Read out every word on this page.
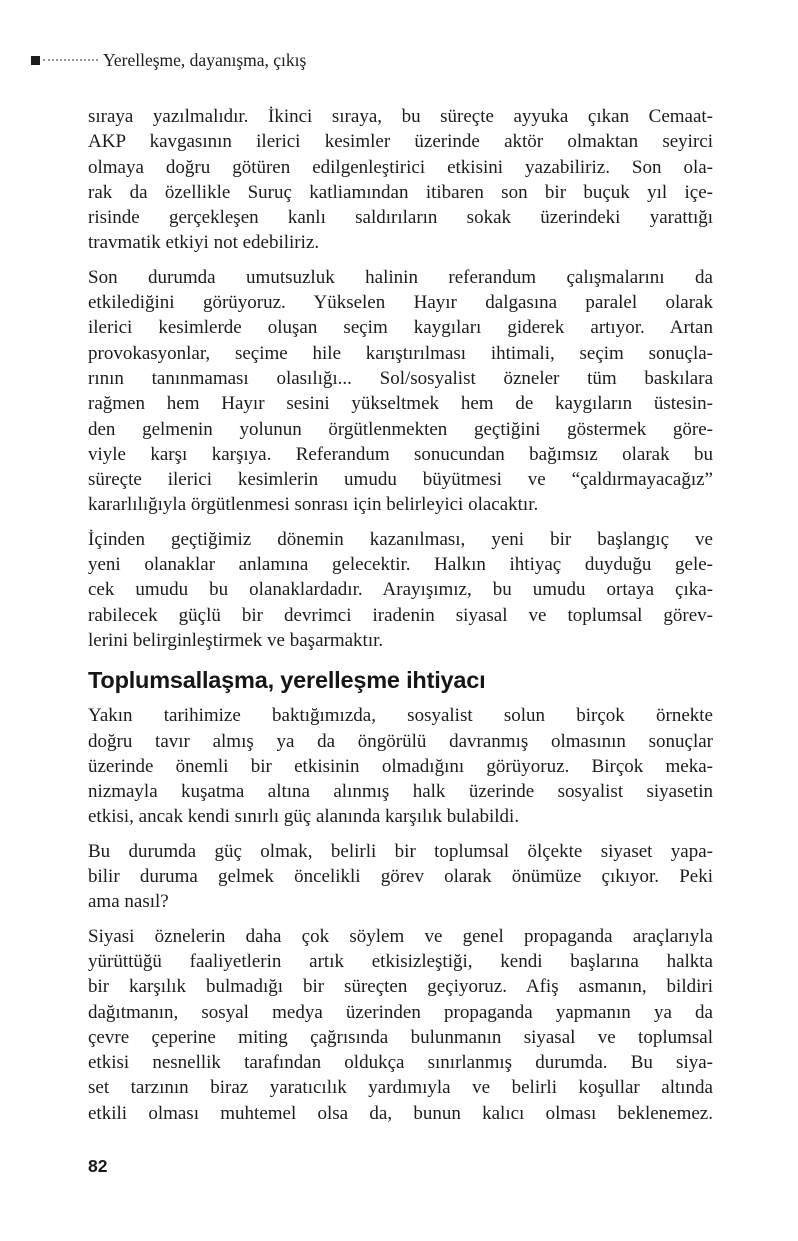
Yerelleşme, dayanışma, çıkış
sıraya yazılmalıdır. İkinci sıraya, bu süreçte ayyuka çıkan Cemaat-
AKP kavgasının ilerici kesimler üzerinde aktör olmaktan seyirci
olmaya doğru götüren edilgenleştirici etkisini yazabiliriz. Son ola-
rak da özellikle Suruç katliamından itibaren son bir buçuk yıl içe-
risinde gerçekleşen kanlı saldırıların sokak üzerindeki yarattığı
travmatik etkiyi not edebiliriz.
Son durumda umutsuzluk halinin referandum çalışmalarını da
etkilediğini görüyoruz. Yükselen Hayır dalgasına paralel olarak
ilerici kesimlerde oluşan seçim kaygıları giderek artıyor. Artan
provokasyonlar, seçime hile karıştırılması ihtimali, seçim sonuçla-
rının tanınmaması olasılığı... Sol/sosyalist özneler tüm baskılara
rağmen hem Hayır sesini yükseltmek hem de kaygıların üstesin-
den gelmenin yolunun örgütlenmekten geçtiğini göstermek göre-
viyle karşı karşıya. Referandum sonucundan bağımsız olarak bu
süreçte ilerici kesimlerin umudu büyütmesi ve “çaldırmayacağız”
kararlılığıyla örgütlenmesi sonrası için belirleyici olacaktır.
İçinden geçtiğimiz dönemin kazanılması, yeni bir başlangıç ve
yeni olanaklar anlamına gelecektir. Halkın ihtiyaç duyduğu gele-
cek umudu bu olanaklardadır. Arayışımız, bu umudu ortaya çıka-
rabilecek güçlü bir devrimci iradenin siyasal ve toplumsal görev-
lerini belirginleştirmek ve başarmaktır.
Toplumsallaşma, yerelleşme ihtiyacı
Yakın tarihimize baktığımızda, sosyalist solun birçok örnekte
doğru tavır almış ya da öngörülü davranmış olmasının sonuçlar
üzerinde önemli bir etkisinin olmadığını görüyoruz. Birçok meka-
nizmayla kuşatma altına alınmış halk üzerinde sosyalist siyasetin
etkisi, ancak kendi sınırlı güç alanında karşılık bulabildi.
Bu durumda güç olmak, belirli bir toplumsal ölçekte siyaset yapa-
bilir duruma gelmek öncelikli görev olarak önümüze çıkıyor. Peki
ama nasıl?
Siyasi öznelerin daha çok söylem ve genel propaganda araçlarıyla
yürüttüğü faaliyetlerin artık etkisizleştiği, kendi başlarına halkta
bir karşılık bulmadığı bir süreçten geçiyoruz. Afiş asmanın, bildiri
dağıtmanın, sosyal medya üzerinden propaganda yapmanın ya da
çevre çeperine miting çağrısında bulunmanın siyasal ve toplumsal
etkisi nesnellik tarafından oldukça sınırlanmış durumda. Bu siya-
set tarzının biraz yaratıcılık yardımıyla ve belirli koşullar altında
etkili olması muhtemel olsa da, bunun kalıcı olması beklenemez.
82
